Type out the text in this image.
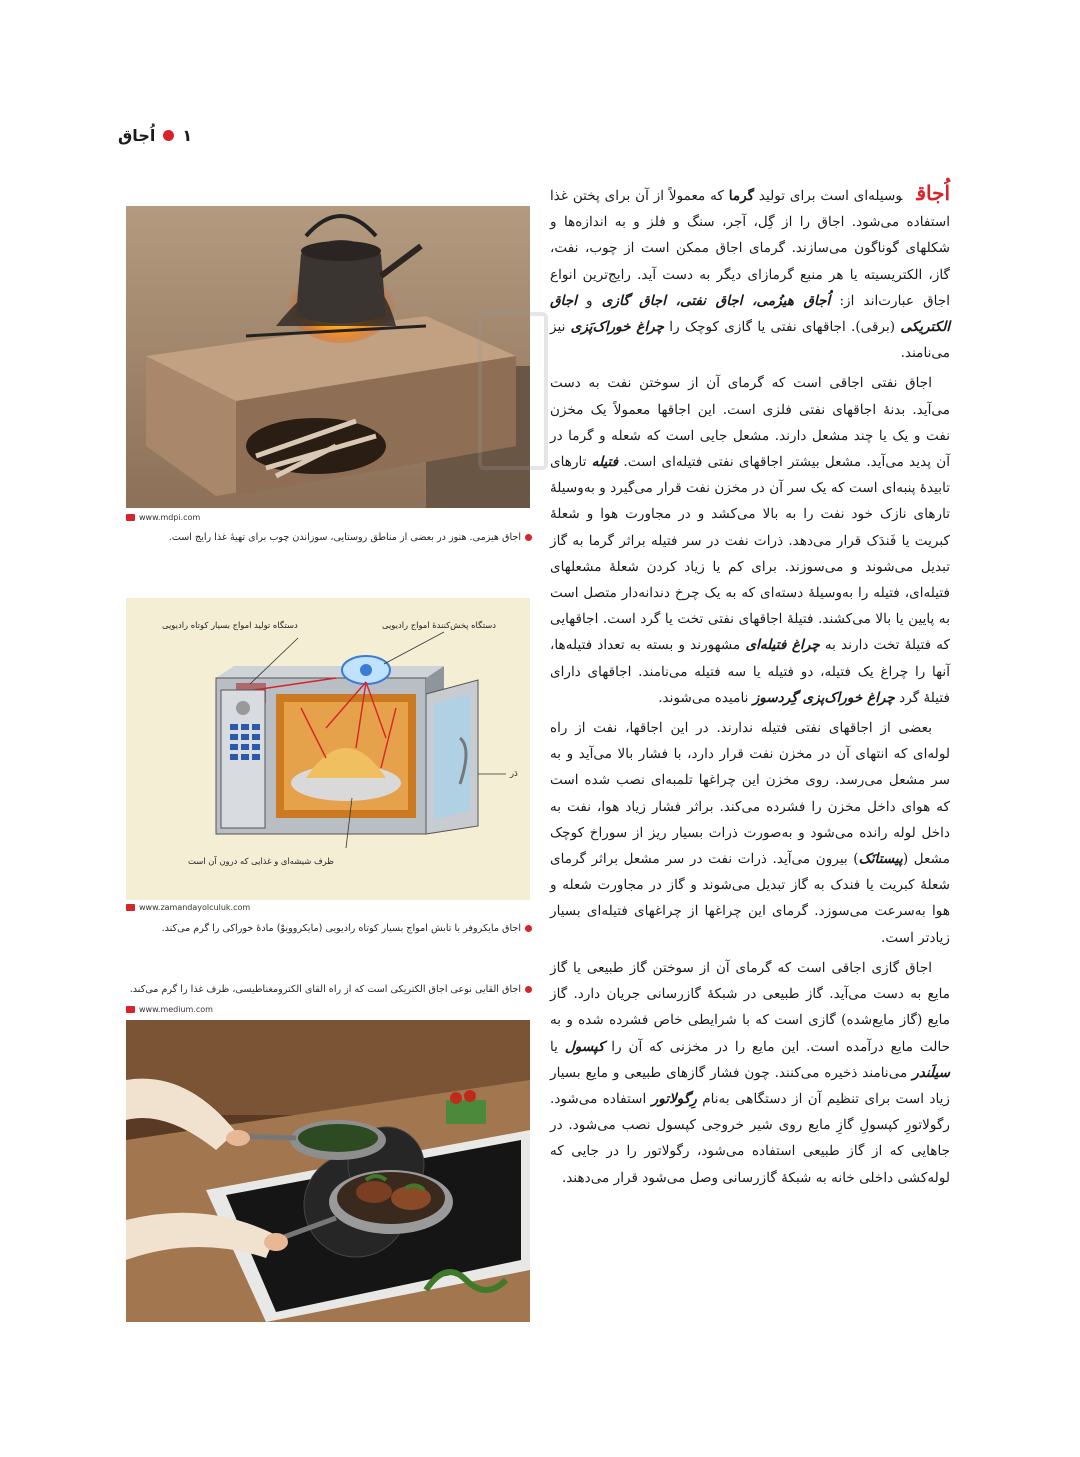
اُجاق ۱
www.mdpi.com
اجاق هیزمی. هنوز در بعضی از مناطق روستایی، سوزاندن چوب برای تهیهٔ غذا رایج است.
دستگاه تولید امواج بسیار کوتاه رادیویی	دستگاه پخش‌کنندهٔ امواج رادیویی
دَر
ظرف شیشه‌ای و غذایی که درون آن است
www.zamandayolculuk.com
اجاق مایکروفر با تابش امواج بسیار کوتاه رادیویی (مایکروویوْ) مادهٔ خوراکی را گرم می‌کند.
اجاق القایی نوعی اجاق الکتریکی است که از راه القای الکترومغناطیسی، ظرف غذا را گرم می‌کند.
www.medium.com

اُجاقوسیله‌ای است برای تولید گرما که معمولاً از آن برای پختن غذا استفاده می‌شود. اجاق را از گِل، آجر، سنگ و فلز و به اندازه‌ها و شکلهای گوناگون می‌سازند. گرمای اجاق ممکن است از چوب، نفت، گاز، الکتریسیته یا هر منبع گرمازای دیگر به دست آید. رایج‌ترین انواع اجاق عبارت‌اند از: اُجاق هیزُمی، اجاق نفتی، اجاق گازی و اجاق الکتریکی (برقی). اجاقهای نفتی یا گازی کوچک را چراغ خوراک‌پَزی نیز می‌نامند.

اجاق نفتی اجاقی است که گرمای آن از سوختن نفت به دست می‌آید. بدنهٔ اجاقهای نفتی فلزی است. این اجاقها معمولاً یک مخزن نفت و یک یا چند مشعل دارند. مشعل جایی است که شعله و گرما در آن پدید می‌آید. مشعل بیشتر اجاقهای نفتی فتیله‌ای است. فتیله تارهای تابیدهٔ پنبه‌ای است که یک سر آن در مخزن نفت قرار می‌گیرد و به‌وسیلهٔ تارهای نازک خود نفت را به بالا می‌کشد و در مجاورت هوا و شعلهٔ کبریت یا فَندَک قرار می‌دهد. ذرات نفت در سر فتیله براثر گرما به گاز تبدیل می‌شوند و می‌سوزند. برای کم یا زیاد کردن شعلهٔ مشعلهای فتیله‌ای، فتیله را به‌وسیلهٔ دسته‌ای که به یک چرخ دندانه‌دار متصل است به پایین یا بالا می‌کشند. فتیلهٔ اجاقهای نفتی تخت یا گرد است. اجاقهایی که فتیلهٔ تخت دارند به چراغ فتیله‌ای مشهورند و بسته به تعداد فتیله‌ها، آنها را چراغ یک فتیله، دو فتیله یا سه فتیله می‌نامند. اجاقهای دارای فتیلهٔ گرد چراغ خوراک‌پزی گِردسوز نامیده می‌شوند.

بعضی از اجاقهای نفتی فتیله ندارند. در این اجاقها، نفت از راه لوله‌ای که انتهای آن در مخزن نفت قرار دارد، با فشار بالا می‌آید و به سر مشعل می‌رسد. روی مخزن این چراغها تلمبه‌ای نصب شده است که هوای داخل مخزن را فشرده می‌کند. براثر فشار زیاد هوا، نفت به داخل لوله رانده می‌شود و به‌صورت ذرات بسیار ریز از سوراخ کوچک مشعل (پیستانَک) بیرون می‌آید. ذرات نفت در سر مشعل براثر گرمای شعلهٔ کبریت یا فندک به گاز تبدیل می‌شوند و گاز در مجاورت شعله و هوا به‌سرعت می‌سوزد. گرمای این چراغها از چراغهای فتیله‌ای بسیار زیادتر است.

اجاق گازی اجاقی است که گرمای آن از سوختن گاز طبیعی یا گاز مایع به دست می‌آید. گاز طبیعی در شبکهٔ گازرسانی جریان دارد. گاز مایع (گاز مایع‌شده) گازی است که با شرایطی خاص فشرده شده و به حالت مایع درآمده است. این مایع را در مخزنی که آن را کپسول یا سیلَندر می‌نامند ذخیره می‌کنند. چون فشار گازهای طبیعی و مایع بسیار زیاد است برای تنظیم آن از دستگاهی به‌نام رِگولاتور استفاده می‌شود. رگولاتورِ کپسولِ گازِ مایع روی شیر خروجی کپسول نصب می‌شود. در جاهایی که از گاز طبیعی استفاده می‌شود، رگولاتور را در جایی که لوله‌کشی داخلی خانه به شبکهٔ گازرسانی وصل می‌شود قرار می‌دهند.
